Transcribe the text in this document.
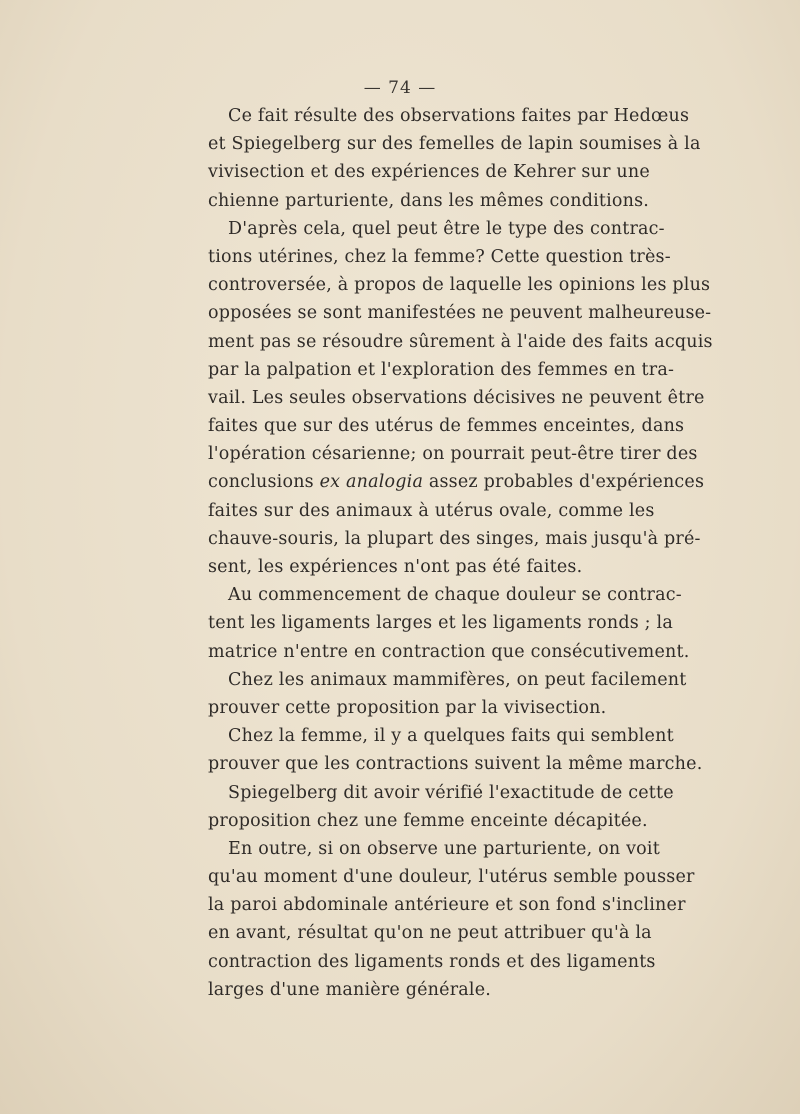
— 74 —
Ce fait résulte des observations faites par Hedœus
et Spiegelberg sur des femelles de lapin soumises à la
vivisection et des expériences de Kehrer sur une
chienne parturiente, dans les mêmes conditions.
D'après cela, quel peut être le type des contrac-
tions utérines, chez la femme? Cette question très-
controversée, à propos de laquelle les opinions les plus
opposées se sont manifestées ne peuvent malheureuse-
ment pas se résoudre sûrement à l'aide des faits acquis
par la palpation et l'exploration des femmes en tra-
vail. Les seules observations décisives ne peuvent être
faites que sur des utérus de femmes enceintes, dans
l'opération césarienne; on pourrait peut-être tirer des
conclusions ex analogia assez probables d'expériences
faites sur des animaux à utérus ovale, comme les
chauve-souris, la plupart des singes, mais jusqu'à pré-
sent, les expériences n'ont pas été faites.
Au commencement de chaque douleur se contrac-
tent les ligaments larges et les ligaments ronds ; la
matrice n'entre en contraction que consécutivement.
Chez les animaux mammifères, on peut facilement
prouver cette proposition par la vivisection.
Chez la femme, il y a quelques faits qui semblent
prouver que les contractions suivent la même marche.
Spiegelberg dit avoir vérifié l'exactitude de cette
proposition chez une femme enceinte décapitée.
En outre, si on observe une parturiente, on voit
qu'au moment d'une douleur, l'utérus semble pousser
la paroi abdominale antérieure et son fond s'incliner
en avant, résultat qu'on ne peut attribuer qu'à la
contraction des ligaments ronds et des ligaments
larges d'une manière générale.
